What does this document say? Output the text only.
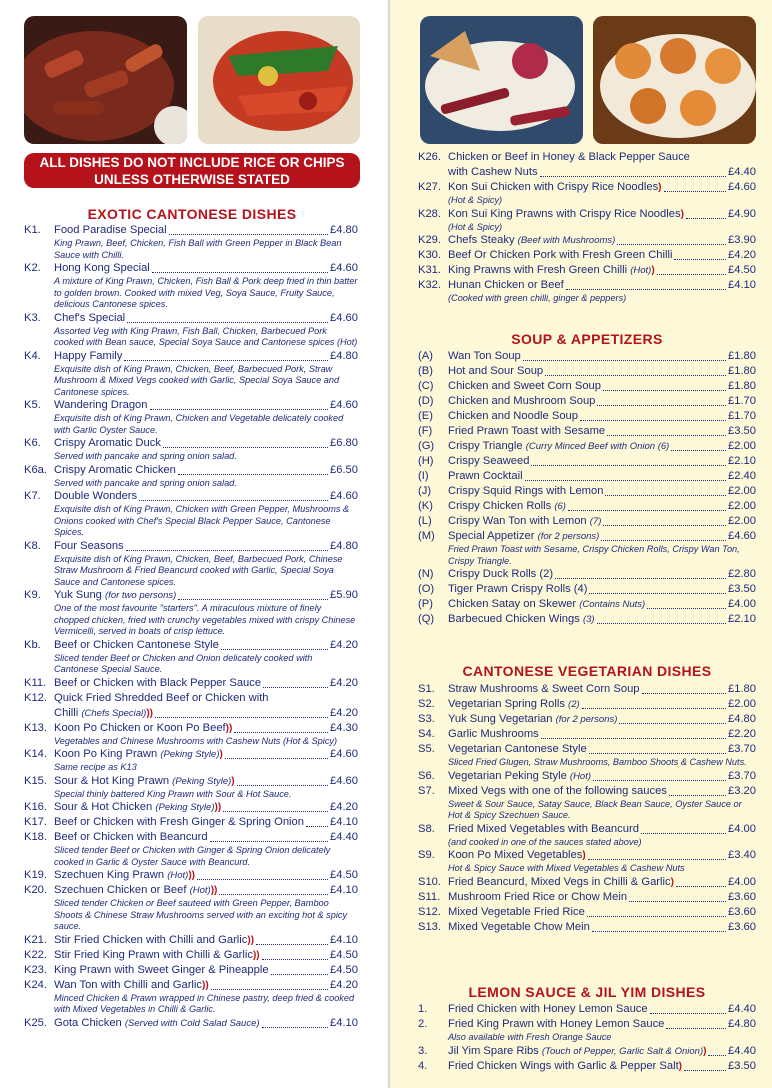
ALL DISHES DO NOT INCLUDE RICE OR CHIPS
UNLESS OTHERWISE STATED
EXOTIC CANTONESE DISHES
K1.	Food Paradise Special	£4.80
King Prawn, Beef, Chicken, Fish Ball with Green Pepper in Black Bean Sauce with Chilli.
K2.	Hong Kong Special	£4.60
A mixture of King Prawn, Chicken, Fish Ball & Pork deep fried in thin batter to golden brown. Cooked with mixed Veg, Soya Sauce, Fruity Sauce, delicious Cantonese spices.
K3.	Chef's Special	£4.60
Assorted Veg with King Prawn, Fish Ball, Chicken, Barbecued Pork cooked with Bean sauce, Special Soya Sauce and Cantonese spices (Hot)
K4.	Happy Family	£4.80
Exquisite dish of King Prawn, Chicken, Beef, Barbecued Pork, Straw Mushroom & Mixed Vegs cooked with Garlic, Special Soya Sauce and Cantonese spices.
K5.	Wandering Dragon	£4.60
Exquisite dish of King Prawn, Chicken and Vegetable delicately cooked with Garlic Oyster Sauce.
K6.	Crispy Aromatic Duck	£6.80
Served with pancake and spring onion salad.
K6a. Crispy Aromatic Chicken	£6.50
Served with pancake and spring onion salad.
K7.	Double Wonders	£4.60
Exquisite dish of King Prawn, Chicken with Green Pepper, Mushrooms & Onions cooked with Chef's Special Black Pepper Sauce, Cantonese Spices.
K8.	Four Seasons	£4.80
Exquisite dish of King Prawn, Chicken, Beef, Barbecued Pork, Chinese Straw Mushroom & Fried Beancurd cooked with Garlic, Special Soya Sauce and Cantonese spices.
K9.	Yuk Sung (for two persons)	£5.90
One of the most favourite "starters". A miraculous mixture of finely chopped chicken, fried with crunchy vegetables mixed with crispy Chinese Vermicelli, served in boats of crisp lettuce.
Kb.	Beef or Chicken Cantonese Style	£4.20
Sliced tender Beef or Chicken and Onion delicately cooked with Cantonese Special Sauce.
K11. Beef or Chicken with Black Pepper Sauce	£4.20
K12. Quick Fried Shredded Beef or Chicken with
Chilli (Chefs Special)))	£4.20
K13. Koon Po Chicken or Koon Po Beef))	£4.30
Vegetables and Chinese Mushrooms with Cashew Nuts (Hot & Spicy)
K14. Koon Po King Prawn (Peking Style))	£4.60
Same recipe as K13
K15. Sour & Hot King Prawn (Peking Style))	£4.60
Special thinly battered King Prawn with Sour & Hot Sauce.
K16. Sour & Hot Chicken (Peking Style)))	£4.20
K17. Beef or Chicken with Fresh Ginger & Spring Onion £4.10
K18. Beef or Chicken with Beancurd	£4.40
Sliced tender Beef or Chicken with Ginger & Spring Onion delicately cooked in Garlic & Oyster Sauce with Beancurd.
K19. Szechuen King Prawn (Hot)))	£4.50
K20. Szechuen Chicken or Beef (Hot)))	£4.10
Sliced tender Chicken or Beef sauteed with Green Pepper, Bamboo Shoots & Chinese Straw Mushrooms served with an exciting hot & spicy sauce.
K21. Stir Fried Chicken with Chilli and Garlic))	£4.10
K22. Stir Fried King Prawn with Chilli & Garlic))	£4.50
K23. King Prawn with Sweet Ginger & Pineapple	£4.50
K24. Wan Ton with Chilli and Garlic))	£4.20
Minced Chicken & Prawn wrapped in Chinese pastry, deep fried & cooked with Mixed Vegetables in Chilli & Garlic.
K25. Gota Chicken (Served with Cold Salad Sauce)	£4.10
K26. Chicken or Beef in Honey & Black Pepper Sauce
with Cashew Nuts	£4.40
K27. Kon Sui Chicken with Crispy Rice Noodles)	£4.60
(Hot & Spicy)
K28. Kon Sui King Prawns with Crispy Rice Noodles)	£4.90
(Hot & Spicy)
K29. Chefs Steaky (Beef with Mushrooms)	£3.90
K30. Beef Or Chicken Pork with Fresh Green Chilli	£4.20
K31. King Prawns with Fresh Green Chilli (Hot))	£4.50
K32. Hunan Chicken or Beef	£4.10
(Cooked with green chilli, ginger & peppers)
SOUP & APPETIZERS
(A)	Wan Ton Soup	£1.80
(B)	Hot and Sour Soup	£1.80
(C)	Chicken and Sweet Corn Soup	£1.80
(D)	Chicken and Mushroom Soup	£1.70
(E)	Chicken and Noodle Soup	£1.70
(F)	Fried Prawn Toast with Sesame	£3.50
(G)	Crispy Triangle (Curry Minced Beef with Onion (6)	£2.00
(H)	Crispy Seaweed	£2.10
(I)	Prawn Cocktail	£2.40
(J)	Crispy Squid Rings with Lemon	£2.00
(K)	Crispy Chicken Rolls (6)	£2.00
(L)	Crispy Wan Ton with Lemon (7)	£2.00
(M)	Special Appetizer (for 2 persons)	£4.60
Fried Prawn Toast with Sesame, Crispy Chicken Rolls, Crispy Wan Ton, Crispy Triangle.
(N)	Crispy Duck Rolls (2)	£2.80
(O)	Tiger Prawn Crispy Rolls (4)	£3.50
(P)	Chicken Satay on Skewer (Contains Nuts)	£4.00
(Q)	Barbecued Chicken Wings (3)	£2.10
CANTONESE VEGETARIAN DISHES
S1.	Straw Mushrooms & Sweet Corn Soup	£1.80
S2.	Vegetarian Spring Rolls (2)	£2.00
S3.	Yuk Sung Vegetarian (for 2 persons)	£4.80
S4.	Garlic Mushrooms	£2.20
S5.	Vegetarian Cantonese Style	£3.70
Sliced Fried Glugen, Straw Mushrooms, Bamboo Shoots & Cashew Nuts.
S6.	Vegetarian Peking Style (Hot)	£3.70
S7.	Mixed Vegs with one of the following sauces	£3.20
Sweet & Sour Sauce, Satay Sauce, Black Bean Sauce, Oyster Sauce or Hot & Spicy Szechuen Sauce.
S8.	Fried Mixed Vegetables with Beancurd	£4.00
(and cooked in one of the sauces stated above)
S9.	Koon Po Mixed Vegetables)	£3.40
Hot & Spicy Sauce with Mixed Vegetables & Cashew Nuts
S10. Fried Beancurd, Mixed Vegs in Chilli & Garlic)	£4.00
S11. Mushroom Fried Rice or Chow Mein	£3.60
S12. Mixed Vegetable Fried Rice	£3.60
S13. Mixed Vegetable Chow Mein	£3.60
LEMON SAUCE & JIL YIM DISHES
1.	Fried Chicken with Honey Lemon Sauce	£4.40
2.	Fried King Prawn with Honey Lemon Sauce	£4.80
Also available with Fresh Orange Sauce
3.	Jil Yim Spare Ribs (Touch of Pepper, Garlic Salt & Onion)) £4.40
4.	Fried Chicken Wings with Garlic & Pepper Salt)	£3.50
